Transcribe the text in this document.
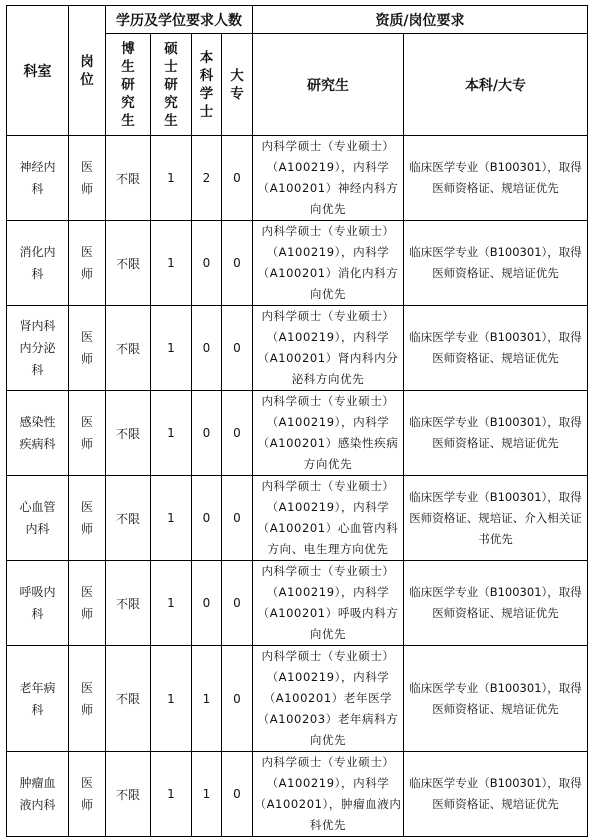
科室	岗位	学历及学位要求人数				资质/岗位要求	
		博生研究生	硕士研究生	本科学士	大专	研究生	本科/大专
神经内科	医师	不限	1	2	0	内科学硕士（专业硕士）（A100219），内科学（A100201）神经内科方向优先	临床医学专业（B100301），取得医师资格证、规培证优先
消化内科	医师	不限	1	0	0	内科学硕士（专业硕士）（A100219），内科学（A100201）消化内科方向优先	临床医学专业（B100301），取得医师资格证、规培证优先
肾内科内分泌科	医师	不限	1	0	0	内科学硕士（专业硕士）（A100219），内科学（A100201）肾内科内分泌科方向优先	临床医学专业（B100301），取得医师资格证、规培证优先
感染性疾病科	医师	不限	1	0	0	内科学硕士（专业硕士）（A100219），内科学（A100201）感染性疾病方向优先	临床医学专业（B100301），取得医师资格证、规培证优先
心血管内科	医师	不限	1	0	0	内科学硕士（专业硕士）（A100219），内科学（A100201）心血管内科方向、电生理方向优先	临床医学专业（B100301），取得医师资格证、规培证、介入相关证书优先
呼吸内科	医师	不限	1	0	0	内科学硕士（专业硕士）（A100219），内科学（A100201）呼吸内科方向优先	临床医学专业（B100301），取得医师资格证、规培证优先
老年病科	医师	不限	1	1	0	内科学硕士（专业硕士）（A100219），内科学（A100201）老年医学（A100203）老年病科方向优先	临床医学专业（B100301），取得医师资格证、规培证优先
肿瘤血液内科	医师	不限	1	1	0	内科学硕士（专业硕士）（A100219），内科学（A100201），肿瘤血液内科优先	临床医学专业（B100301），取得医师资格证、规培证优先
